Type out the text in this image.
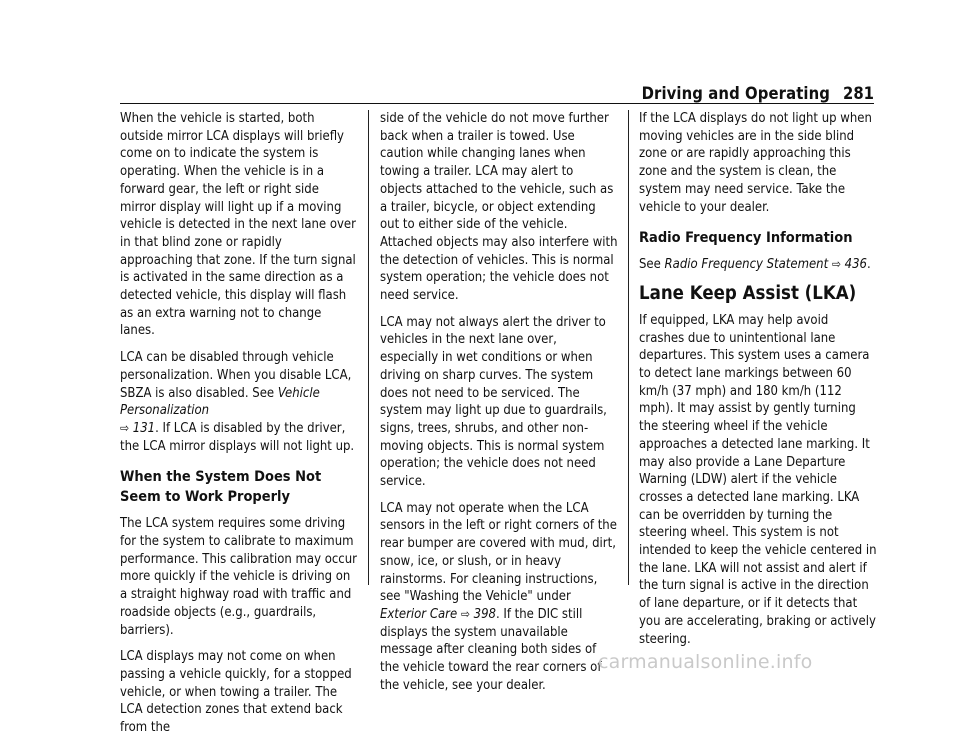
Driving and Operating 281

When the vehicle is started, both outside mirror LCA displays will briefly come on to indicate the system is operating. When the vehicle is in a forward gear, the left or right side mirror display will light up if a moving vehicle is detected in the next lane over in that blind zone or rapidly approaching that zone. If the turn signal is activated in the same direction as a detected vehicle, this display will flash as an extra warning not to change lanes.

LCA can be disabled through vehicle personalization. When you disable LCA, SBZA is also disabled. See Vehicle Personalization
⇨ 131. If LCA is disabled by the driver, the LCA mirror displays will not light up.

When the System Does Not Seem to Work Properly

The LCA system requires some driving for the system to calibrate to maximum performance. This calibration may occur more quickly if the vehicle is driving on a straight highway road with traffic and roadside objects (e.g., guardrails, barriers).

LCA displays may not come on when passing a vehicle quickly, for a stopped vehicle, or when towing a trailer. The LCA detection zones that extend back from the

side of the vehicle do not move further back when a trailer is towed. Use caution while changing lanes when towing a trailer. LCA may alert to objects attached to the vehicle, such as a trailer, bicycle, or object extending out to either side of the vehicle. Attached objects may also interfere with the detection of vehicles. This is normal system operation; the vehicle does not need service.

LCA may not always alert the driver to vehicles in the next lane over, especially in wet conditions or when driving on sharp curves. The system does not need to be serviced. The system may light up due to guardrails, signs, trees, shrubs, and other non-moving objects. This is normal system operation; the vehicle does not need service.

LCA may not operate when the LCA sensors in the left or right corners of the rear bumper are covered with mud, dirt, snow, ice, or slush, or in heavy rainstorms. For cleaning instructions, see "Washing the Vehicle" under Exterior Care ⇨ 398. If the DIC still displays the system unavailable message after cleaning both sides of the vehicle toward the rear corners of the vehicle, see your dealer.

If the LCA displays do not light up when moving vehicles are in the side blind zone or are rapidly approaching this zone and the system is clean, the system may need service. Take the vehicle to your dealer.

Radio Frequency Information

See Radio Frequency Statement ⇨ 436.

Lane Keep Assist (LKA)

If equipped, LKA may help avoid crashes due to unintentional lane departures. This system uses a camera to detect lane markings between 60 km/h (37 mph) and 180 km/h (112 mph). It may assist by gently turning the steering wheel if the vehicle approaches a detected lane marking. It may also provide a Lane Departure Warning (LDW) alert if the vehicle crosses a detected lane marking. LKA can be overridden by turning the steering wheel. This system is not intended to keep the vehicle centered in the lane. LKA will not assist and alert if the turn signal is active in the direction of lane departure, or if it detects that you are accelerating, braking or actively steering.

carmanualsonline.info
